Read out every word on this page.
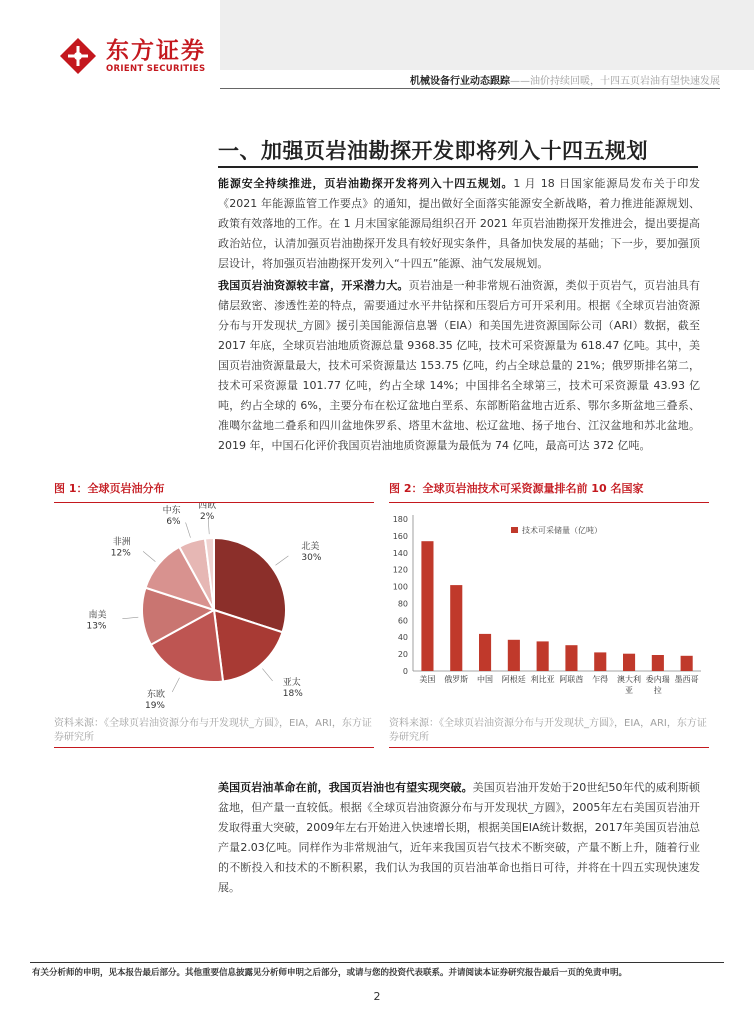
东方证券
ORIENT SECURITIES
机械设备行业动态跟踪 ——油价持续回暖，十四五页岩油有望快速发展
一、加强页岩油勘探开发即将列入十四五规划

能源安全持续推进，页岩油勘探开发将列入十四五规划。1 月 18 日国家能源局发布关于印发《2021 年能源监管工作要点》的通知，提出做好全面落实能源安全新战略，着力推进能源规划、政策有效落地的工作。在 1 月末国家能源局组织召开 2021 年页岩油勘探开发推进会，提出要提高政治站位，认清加强页岩油勘探开发具有较好现实条件，具备加快发展的基础；下一步，要加强顶层设计，将加强页岩油勘探开发列入“十四五”能源、油气发展规划。

我国页岩油资源较丰富，开采潜力大。页岩油是一种非常规石油资源，类似于页岩气，页岩油具有储层致密、渗透性差的特点，需要通过水平井钻探和压裂后方可开采利用。根据《全球页岩油资源分布与开发现状_方圆》援引美国能源信息署（EIA）和美国先进资源国际公司（ARI）数据，截至 2017 年底，全球页岩油地质资源总量 9368.35 亿吨，技术可采资源量为 618.47 亿吨。其中，美国页岩油资源量最大，技术可采资源量达 153.75 亿吨，约占全球总量的 21%；俄罗斯排名第二，技术可采资源量 101.77 亿吨，约占全球 14%；中国排名全球第三，技术可采资源量 43.93 亿吨，约占全球的 6%，主要分布在松辽盆地白垩系、东部断陷盆地古近系、鄂尔多斯盆地三叠系、准噶尔盆地二叠系和四川盆地侏罗系、塔里木盆地、松辽盆地、扬子地台、江汉盆地和苏北盆地。2019 年，中国石化评价我国页岩油地质资源量为最低为 74 亿吨，最高可达 372 亿吨。

图 1：全球页岩油分布
北美
30%
亚太
18%
东欧
19%
南美
13%
非洲
12%
中东
6%
西欧
2%
资料来源：《全球页岩油资源分布与开发现状_方圆》，EIA，ARI，东方证券研究所
图 2：全球页岩油技术可采资源量排名前 10 名国家
0
20
40
60
80
100
120
140
160
180
美国 俄罗斯 中国 阿根廷 利比亚 阿联酋 乍得 澳大利
亚
委内瑞
拉
墨西哥
技术可采储量（亿吨）
资料来源：《全球页岩油资源分布与开发现状_方圆》，EIA，ARI，东方证券研究所

美国页岩油革命在前，我国页岩油也有望实现突破。美国页岩油开发始于20世纪50年代的威利斯顿盆地，但产量一直较低。根据《全球页岩油资源分布与开发现状_方圆》，2005年左右美国页岩油开发取得重大突破，2009年左右开始进入快速增长期，根据美国EIA统计数据，2017年美国页岩油总产量2.03亿吨。同样作为非常规油气，近年来我国页岩气技术不断突破，产量不断上升，随着行业的不断投入和技术的不断积累，我们认为我国的页岩油革命也指日可待，并将在十四五实现快速发展。

有关分析师的申明，见本报告最后部分。其他重要信息披露见分析师申明之后部分，或请与您的投资代表联系。并请阅读本证券研究报告最后一页的免责申明。
2
